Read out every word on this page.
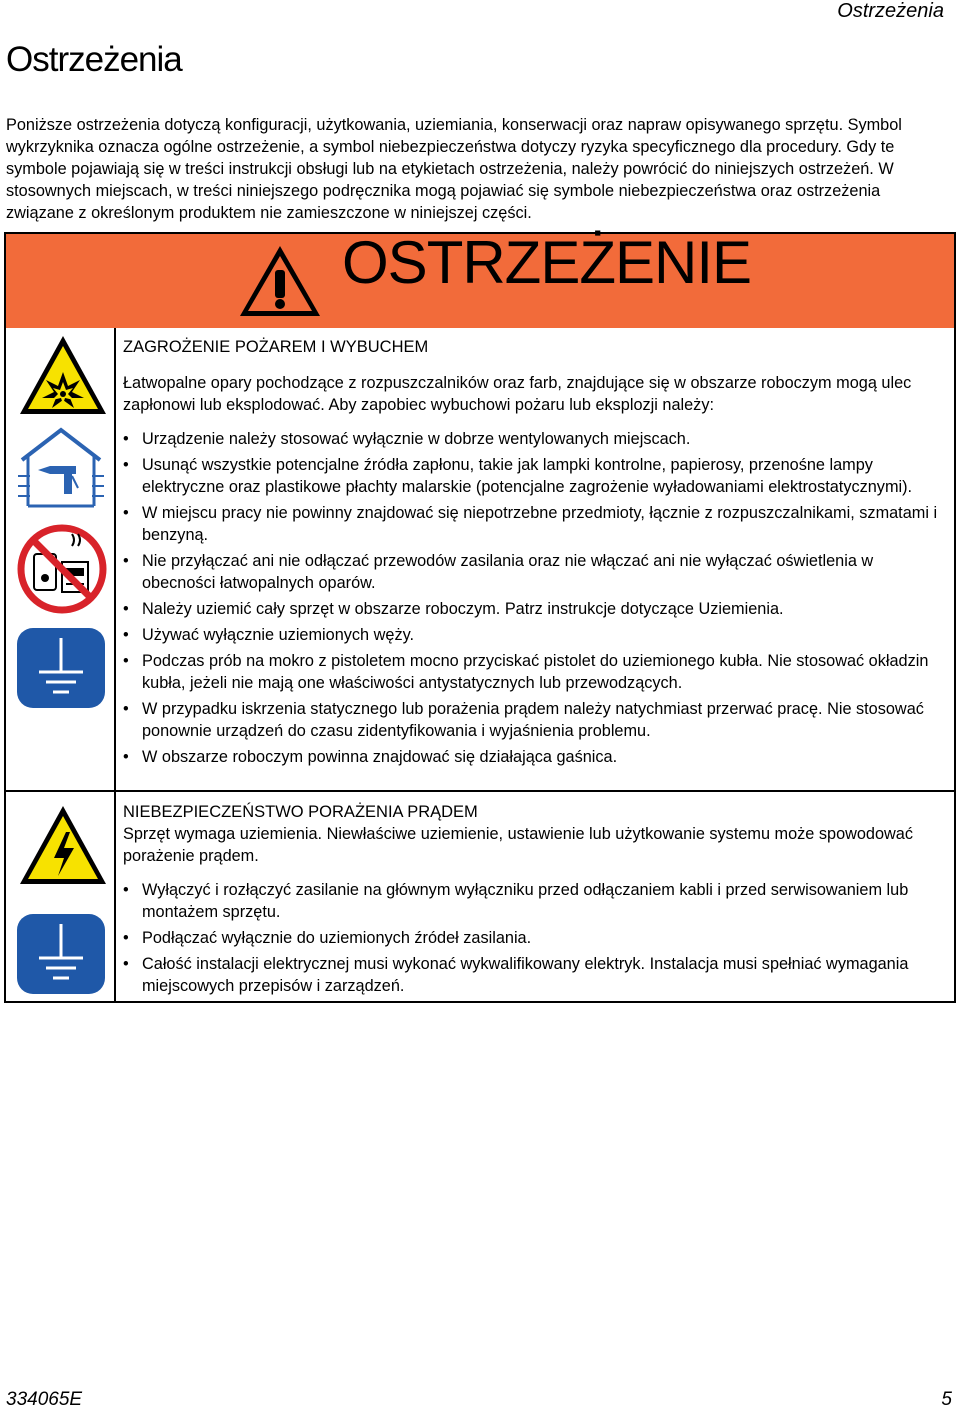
Ostrzeżenia
Ostrzeżenia

Poniższe ostrzeżenia dotyczą konfiguracji, użytkowania, uziemiania, konserwacji oraz napraw opisywanego sprzętu. Symbol wykrzyknika oznacza ogólne ostrzeżenie, a symbol niebezpieczeństwa dotyczy ryzyka specyficznego dla procedury. Gdy te symbole pojawiają się w treści instrukcji obsługi lub na etykietach ostrzeżenia, należy powrócić do niniejszych ostrzeżeń. W stosownych miejscach, w treści niniejszego podręcznika mogą pojawiać się symbole niebezpieczeństwa oraz ostrzeżenia związane z określonym produktem nie zamieszczone w niniejszej części.

OSTRZEŻENIE
ZAGROŻENIE POŻAREM I WYBUCHEM

Łatwopalne opary pochodzące z rozpuszczalników oraz farb, znajdujące się w obszarze roboczym mogą ulec zapłonowi lub eksplodować. Aby zapobiec wybuchowi pożaru lub eksplozji należy:

• Urządzenie należy stosować wyłącznie w dobrze wentylowanych miejscach.
• Usunąć wszystkie potencjalne źródła zapłonu, takie jak lampki kontrolne, papierosy, przenośne lampy elektryczne oraz plastikowe płachty malarskie (potencjalne zagrożenie wyładowaniami elektrostatycznymi).
• W miejscu pracy nie powinny znajdować się niepotrzebne przedmioty, łącznie z rozpuszczalnikami, szmatami i benzyną.
• Nie przyłączać ani nie odłączać przewodów zasilania oraz nie włączać ani nie wyłączać oświetlenia w obecności łatwopalnych oparów.
• Należy uziemić cały sprzęt w obszarze roboczym. Patrz instrukcje dotyczące Uziemienia.
• Używać wyłącznie uziemionych węży.
• Podczas prób na mokro z pistoletem mocno przyciskać pistolet do uziemionego kubła. Nie stosować okładzin kubła, jeżeli nie mają one właściwości antystatycznych lub przewodzących.
• W przypadku iskrzenia statycznego lub porażenia prądem należy natychmiast przerwać pracę. Nie stosować ponownie urządzeń do czasu zidentyfikowania i wyjaśnienia problemu.
• W obszarze roboczym powinna znajdować się działająca gaśnica.
NIEBEZPIECZEŃSTWO PORAŻENIA PRĄDEM

Sprzęt wymaga uziemienia. Niewłaściwe uziemienie, ustawienie lub użytkowanie systemu może spowodować porażenie prądem.

• Wyłączyć i rozłączyć zasilanie na głównym wyłączniku przed odłączaniem kabli i przed serwisowaniem lub montażem sprzętu.
• Podłączać wyłącznie do uziemionych źródeł zasilania.
• Całość instalacji elektrycznej musi wykonać wykwalifikowany elektryk. Instalacja musi spełniać wymagania miejscowych przepisów i zarządzeń.
334065E	5
